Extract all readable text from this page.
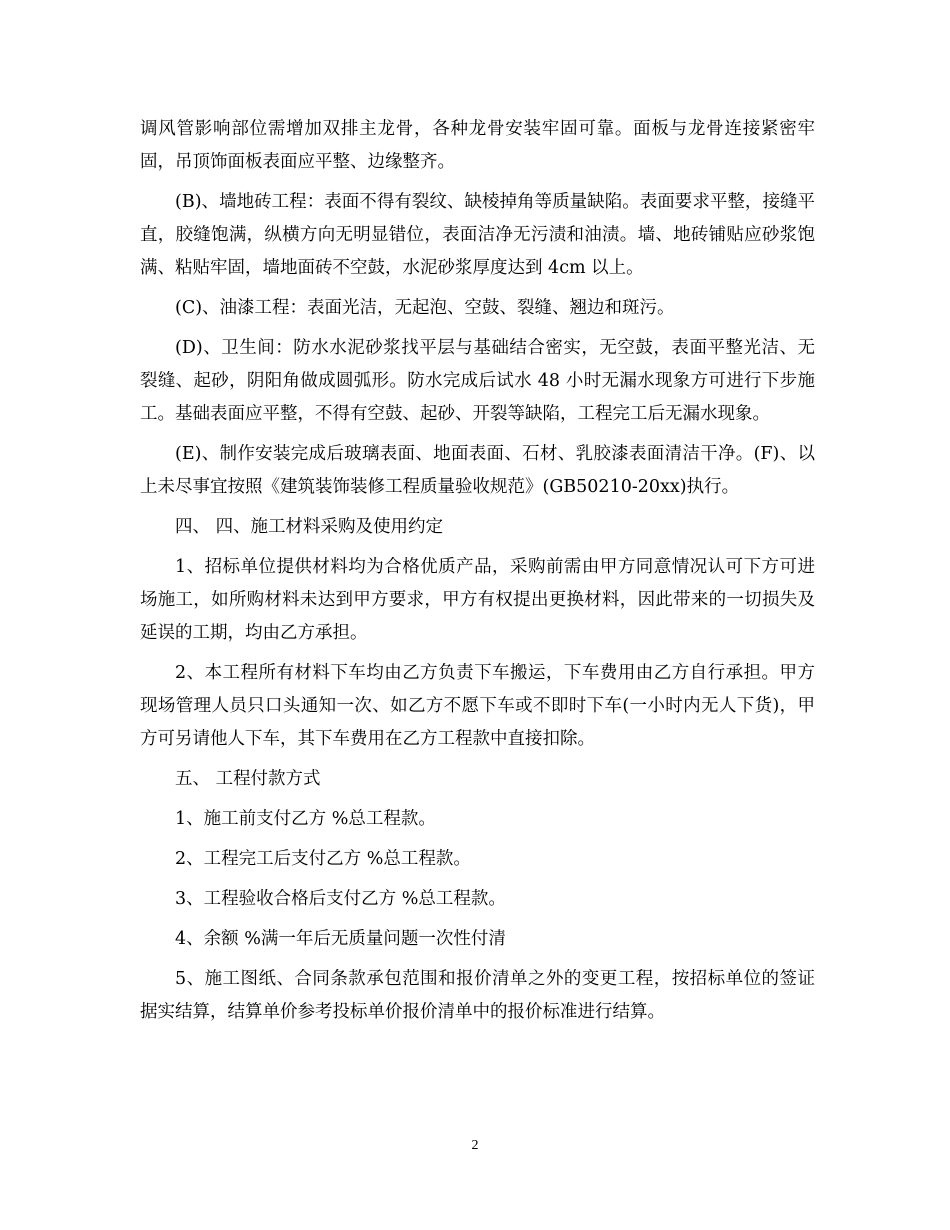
调风管影响部位需增加双排主龙骨，各种龙骨安装牢固可靠。面板与龙骨连接紧密牢固，吊顶饰面板表面应平整、边缘整齐。

(B)、墙地砖工程：表面不得有裂纹、缺棱掉角等质量缺陷。表面要求平整，接缝平直，胶缝饱满，纵横方向无明显错位，表面洁净无污渍和油渍。墙、地砖铺贴应砂浆饱满、粘贴牢固，墙地面砖不空鼓，水泥砂浆厚度达到 4cm 以上。

(C)、油漆工程：表面光洁，无起泡、空鼓、裂缝、翘边和斑污。

(D)、卫生间：防水水泥砂浆找平层与基础结合密实，无空鼓，表面平整光洁、无裂缝、起砂，阴阳角做成圆弧形。防水完成后试水 48 小时无漏水现象方可进行下步施工。基础表面应平整，不得有空鼓、起砂、开裂等缺陷，工程完工后无漏水现象。

(E)、制作安装完成后玻璃表面、地面表面、石材、乳胶漆表面清洁干净。(F)、以上未尽事宜按照《建筑装饰装修工程质量验收规范》(GB50210-20xx)执行。

四、 四、施工材料采购及使用约定

1、招标单位提供材料均为合格优质产品，采购前需由甲方同意情况认可下方可进场施工，如所购材料未达到甲方要求，甲方有权提出更换材料，因此带来的一切损失及延误的工期，均由乙方承担。

2、本工程所有材料下车均由乙方负责下车搬运，下车费用由乙方自行承担。甲方现场管理人员只口头通知一次、如乙方不愿下车或不即时下车(一小时内无人下货)，甲方可另请他人下车，其下车费用在乙方工程款中直接扣除。

五、 工程付款方式

1、施工前支付乙方 %总工程款。

2、工程完工后支付乙方 %总工程款。

3、工程验收合格后支付乙方 %总工程款。

4、余额 %满一年后无质量问题一次性付清

5、施工图纸、合同条款承包范围和报价清单之外的变更工程，按招标单位的签证据实结算，结算单价参考投标单价报价清单中的报价标准进行结算。

2
